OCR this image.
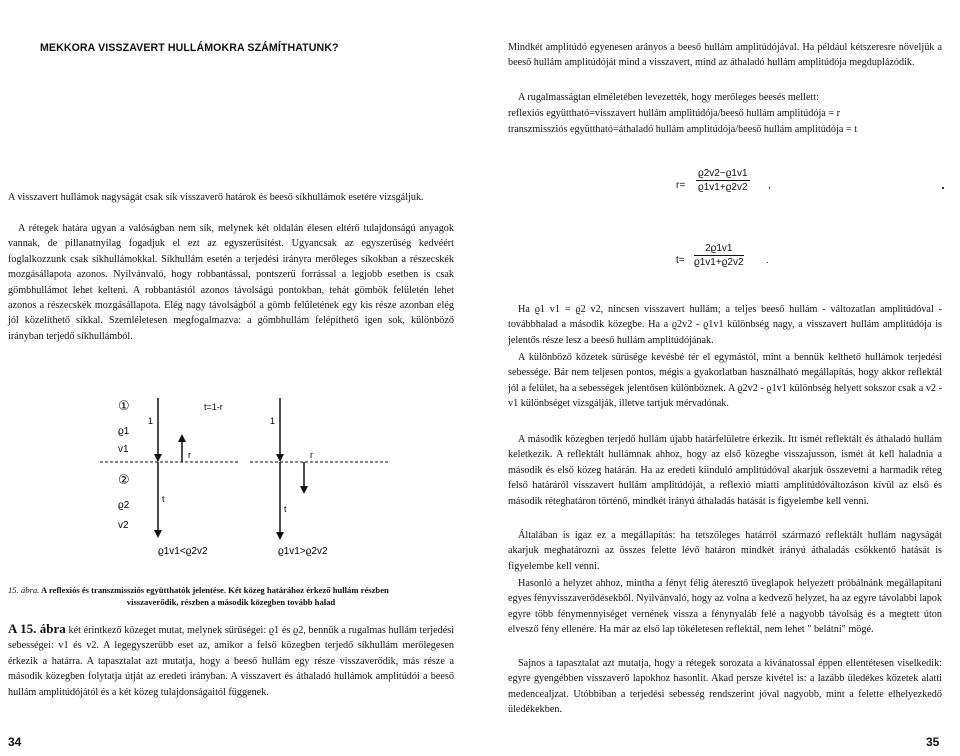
MEKKORA VISSZAVERT HULLÁMOKRA SZÁMÍTHATUNK?
A visszavert hullámok nagyságát csak sík visszaverő határok és beeső síkhullámok esetére vizsgáljuk.
A rétegek határa ugyan a valóságban nem sík, melynek két oldalán élesen eltérő tulajdonságú anyagok vannak, de pillanatnyilag fogadjuk el ezt az egyszerűsítést. Ugyancsak az egyszerűség kedvéért foglalkozzunk csak síkhullámokkal. Síkhullám esetén a terjedési irányra merőleges síkokban a részecskék mozgásállapota azonos. Nyilvánvaló, hogy robbantással, pontszerű forrással a legjobb esetben is csak gömbhullámot lehet kelteni. A robbantástól azonos távolságú pontokban, tehát gömbök felületén lehet azonos a részecskék mozgásállapota. Elég nagy távolságból a gömb felületének egy kis része azonban elég jól közelíthető síkkal. Szemléletesen megfogalmazva: a gömbhullám felépíthető igen sok, különböző irányban terjedő síkhullámból.
①
ϱ1
v1
②
ϱ2
v2
1
r
t
t=1-r
1
r
t
ϱ1v1<ϱ2v2	ϱ1v1>ϱ2v2
15. ábra. A reflexiós és transzmissziós együtthatók jelentése. Két közeg határához érkező hullám részben
visszaverődik, részben a második közegben tovább halad
A 15. ábra két érintkező közeget mutat, melynek sűrűségei: ϱ1 és ϱ2, bennük a rugalmas hullám terjedési sebességei: v1 és v2. A legegyszerűbb eset az, amikor a felső közegben terjedő síkhullám merőlegesen érkezik a határra. A tapasztalat azt mutatja, hogy a beeső hullám egy része visszaverődik, más része a második közegben folytatja útját az eredeti irányban. A visszavert és áthaladó hullámok amplitúdói a beeső hullám amplitúdójától és a két közeg tulajdonságaitól függenek.
34
Mindkét amplitúdó egyenesen arányos a beeső hullám amplitúdójával. Ha például kétszeresre növeljük a beeső hullám amplitúdóját mind a visszavert, mind az áthaladó hullám amplitúdója megduplázódik.
A rugalmasságtan elméletében levezették, hogy merőleges beesés mellett:
reflexiós együttható=visszavert hullám amplitúdója/beeső hullám amplitúdója = r
transzmissziós együttható=áthaladó hullám amplitúdója/beeső hullám amplitúdója = t
$r= \frac{ϱ2v2-ϱ1v1}{ϱ1v1+ϱ2v2}$ ,
$t= \frac{2ϱ1v1}{ϱ1v1+ϱ2v2}$ .
Ha ϱ1 v1 = ϱ2 v2, nincsen visszavert hullám; a teljes beeső hullám - változatlan amplitúdóval - továbbhalad a második közegbe. Ha a ϱ2v2 - ϱ1v1 különbség nagy, a visszavert hullám amplitúdója is jelentős része lesz a beeső hullám amplitúdójának.
A különböző kőzetek sűrűsége kevésbé tér el egymástól, mint a bennük kelthető hullámok terjedési sebessége. Bár nem teljesen pontos, mégis a gyakorlatban használható megállapítás, hogy akkor reflektál jól a felület, ha a sebességek jelentősen különböznek. A ϱ2v2 - ϱ1v1 különbség helyett sokszor csak a v2 - v1 különbséget vizsgálják, illetve tartjuk mérvadónak.
A második közegben terjedő hullám újabb határfelületre érkezik. Itt ismét reflektált és áthaladó hullám keletkezik. A reflektált hullámnak ahhoz, hogy az első közegbe visszajusson, ismét át kell haladnia a második és első közeg határán. Ha az eredeti kiinduló amplitúdóval akarjuk összevetni a harmadik réteg felső határáról visszavert hullám amplitúdóját, a reflexió miatti amplitúdóváltozáson kívül az első és második réteghatáron történő, mindkét irányú áthaladás hatását is figyelembe kell venni.
Általában is igaz ez a megállapítás: ha tetszőleges határról származó reflektált hullám nagyságát akarjuk meghatározni az összes felette lévő határon mindkét irányú áthaladás csökkentő hatását is figyelembe kell venni.
Hasonló a helyzet ahhoz, mintha a fényt félig áteresztő üveglapok helyezett próbálnánk megállapítani egyes fényvisszaverődésekből. Nyilvánvaló, hogy az volna a kedvező helyzet, ha az egyre távolabbi lapok egyre több fénymennyiséget vernének vissza a fénynyaláb felé a nagyobb távolság és a megtett úton elvesző fény ellenére. Ha már az első lap tökéletesen reflektál, nem lehet " belátni" mögé.
Sajnos a tapasztalat azt mutatja, hogy a rétegek sorozata a kívánatossal éppen ellentétesen viselkedik: egyre gyengébben visszaverő lapokhoz hasonlít. Akad persze kivétel is: a lazább üledékes kőzetek alatti medencealjzat. Utóbbiban a terjedési sebesség rendszerint jóval nagyobb, mint a felette elhelyezkedő üledékekben.
35
